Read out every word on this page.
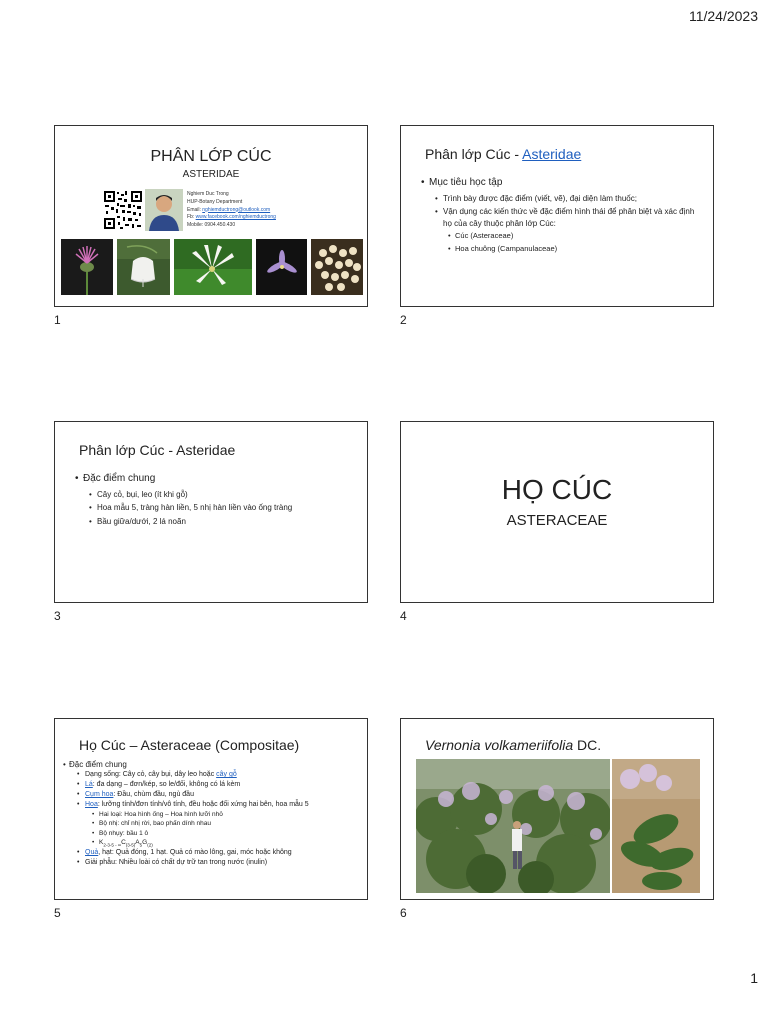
11/24/2023
PHÂN LỚP CÚC
ASTERIDAE
Nghiem Duc Trong
HUP-Botany Department
Email: nghiemductrong@outlook.com
Fb: www.facebook.com/nghiemductrong
Mobile: 0904.450.430
1
Phân lớp Cúc - Asteridae
• Mục tiêu học tập
• Trình bày được đặc điểm (viết, vẽ), đại diện làm thuốc;
• Vận dụng các kiến thức về đặc điểm hình thái để phân biệt và xác định họ của cây thuộc phân lớp Cúc:
• Cúc (Asteraceae)
• Hoa chuông (Campanulaceae)
2
Phân lớp Cúc - Asteridae
• Đặc điểm chung
• Cây cỏ, bụi, leo (ít khi gỗ)
• Hoa mẫu 5, tràng hàn liền, 5 nhị hàn liền vào ống tràng
• Bầu giữa/dưới, 2 lá noãn
3
HỌ CÚC
ASTERACEAE
4
Họ Cúc – Asteraceae (Compositae)
• Đặc điểm chung
• Dạng sống: Cây cỏ, cây bụi, dây leo hoặc cây gỗ
• Lá: đa dạng – đơn/kép, so le/đối, không có lá kèm
• Cụm hoa: Đầu, chùm đầu, ngù đầu
• Hoa: lưỡng tính/đơn tính/vô tính, đều hoặc đối xứng hai bên, hoa mẫu 5
• Hai loại: Hoa hình ống – Hoa hình lưỡi nhỏ
• Bộ nhị: chỉ nhị rời, bao phấn dính nhau
• Bộ nhụy: bầu 1 ô
• $K_{2-3-5 - \infty}C_{(3-5)}A_5G_{(2)}$
• Quả, hạt: Quả đóng, 1 hạt. Quả có mào lông, gai, móc hoặc không
• Giải phẫu: Nhiều loài có chất dự trữ tan trong nước (inulin)
5
Vernonia volkameriifolia DC.
6
1
